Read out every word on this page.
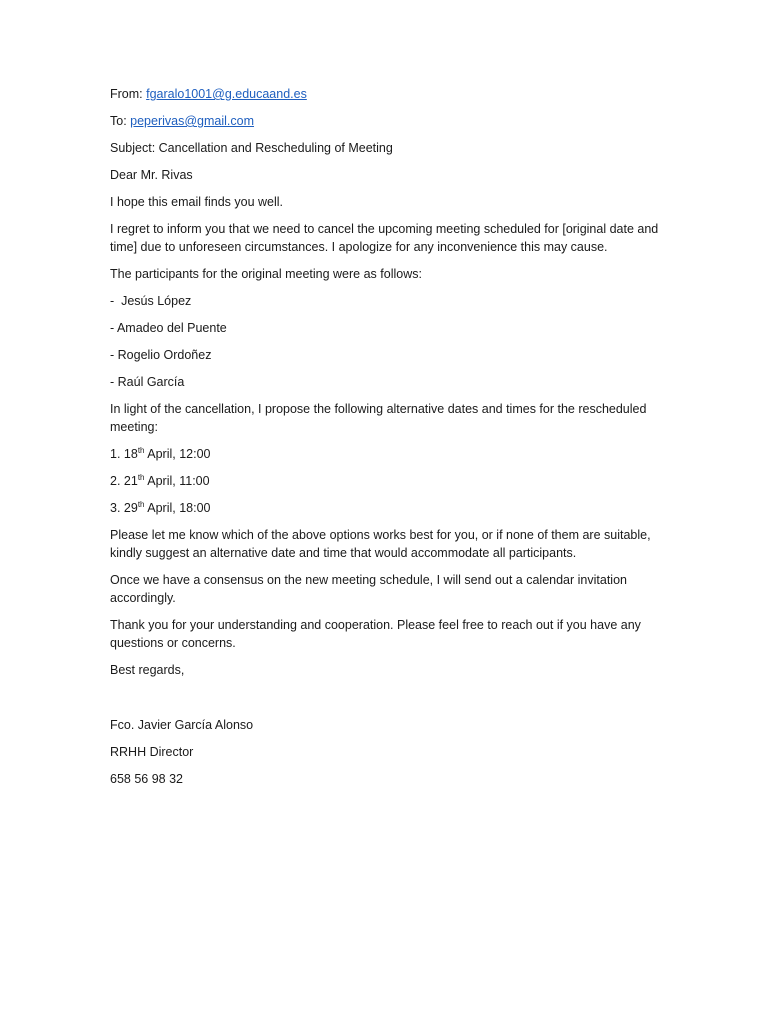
From: fgaralo1001@g.educaand.es
To: peperivas@gmail.com
Subject: Cancellation and Rescheduling of Meeting
Dear Mr. Rivas
I hope this email finds you well.
I regret to inform you that we need to cancel the upcoming meeting scheduled for [original date and time] due to unforeseen circumstances. I apologize for any inconvenience this may cause.
The participants for the original meeting were as follows:
-  Jesús López
- Amadeo del Puente
- Rogelio Ordoñez
- Raúl García
In light of the cancellation, I propose the following alternative dates and times for the rescheduled meeting:
1. 18th April, 12:00
2. 21th April, 11:00
3. 29th April, 18:00
Please let me know which of the above options works best for you, or if none of them are suitable, kindly suggest an alternative date and time that would accommodate all participants.
Once we have a consensus on the new meeting schedule, I will send out a calendar invitation accordingly.
Thank you for your understanding and cooperation. Please feel free to reach out if you have any questions or concerns.
Best regards,
Fco. Javier García Alonso
RRHH Director
658 56 98 32
